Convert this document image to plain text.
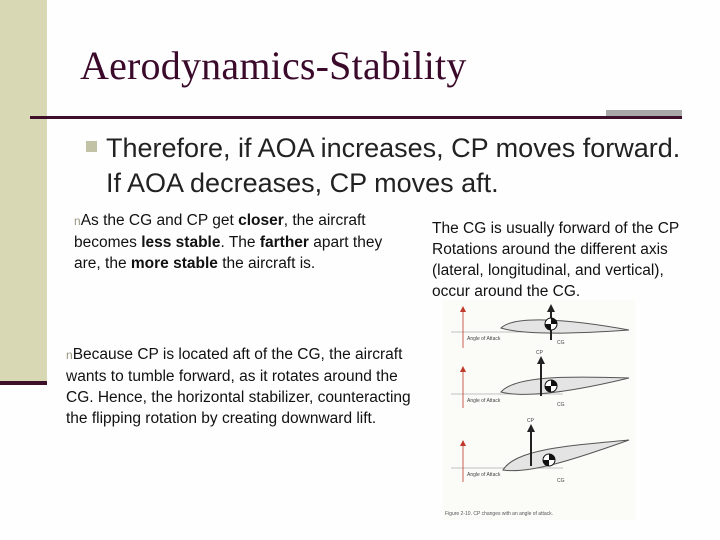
Aerodynamics-Stability
Therefore, if AOA increases, CP moves forward. If AOA decreases, CP moves aft.
nAs the CG and CP get closer, the aircraft becomes less stable. The farther apart they are, the more stable the aircraft is.
nBecause CP is located aft of the CG, the aircraft wants to tumble forward, as it rotates around the CG. Hence, the horizontal stabilizer, counteracting the flipping rotation by creating downward lift.
The CG is usually forward of the CP
Rotations around the different axis
(lateral, longitudinal, and vertical),
occur around the CG.
Angle of Attack
CG
CP
Angle of Attack
CG
CP
Angle of Attack
CG
Figure 2-10. CP changes with an angle of attack.
